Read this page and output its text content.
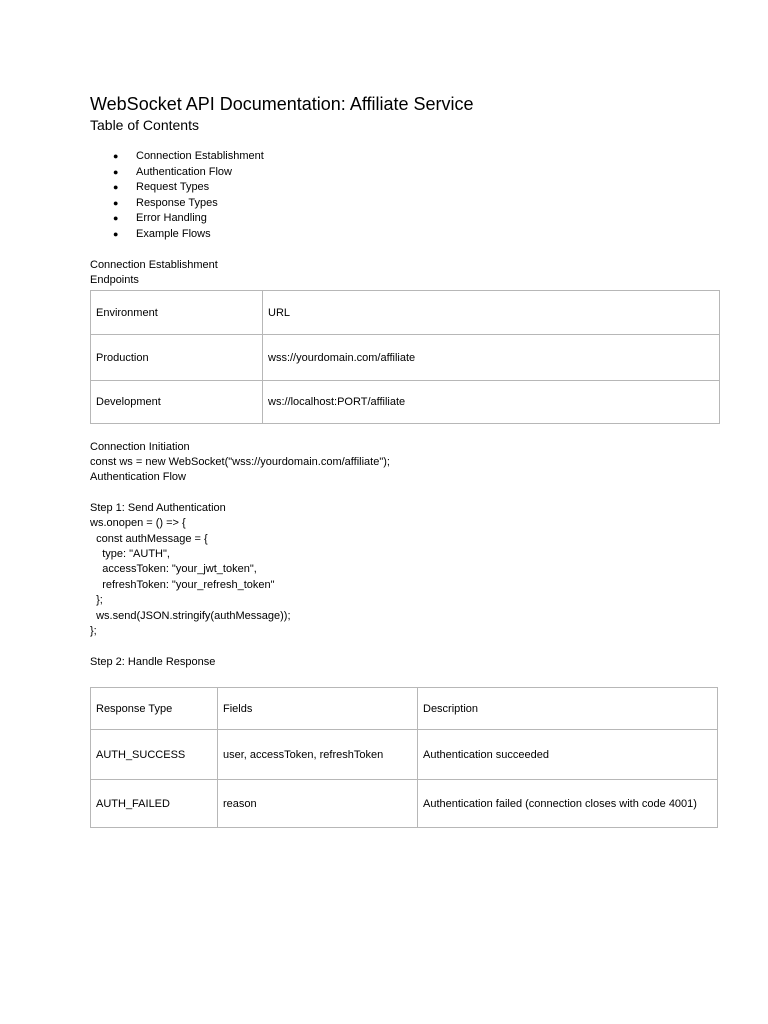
WebSocket API Documentation: Affiliate Service
Table of Contents
● Connection Establishment
● Authentication Flow
● Request Types
● Response Types
● Error Handling
● Example Flows
Connection Establishment
Endpoints
Environment	URL
Production	wss://yourdomain.com/affiliate
Development	ws://localhost:PORT/affiliate
Connection Initiation
const ws = new WebSocket("wss://yourdomain.com/affiliate");
Authentication Flow
Step 1: Send Authentication
ws.onopen = () => {
const authMessage = {
type: "AUTH",
accessToken: "your_jwt_token",
refreshToken: "your_refresh_token"
};
ws.send(JSON.stringify(authMessage));
};
Step 2: Handle Response
Response Type	Fields	Description
AUTH_SUCCESS	user, accessToken, refreshToken	Authentication succeeded
AUTH_FAILED	reason	Authentication failed (connection closes with code 4001)
